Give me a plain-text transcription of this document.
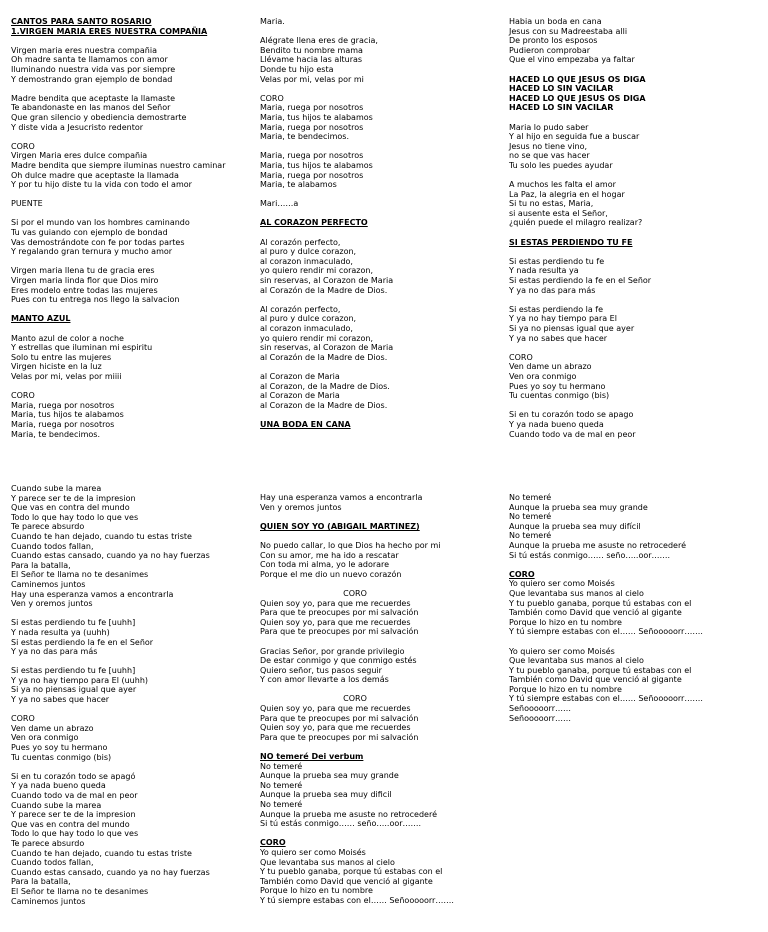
CANTOS PARA SANTO ROSARIO
1.VIRGEN MARIA ERES NUESTRA COMPAÑIA
Virgen maria eres nuestra compañia
Oh madre santa te llamamos con amor
Iluminando nuestra vida vas por siempre
Y demostrando gran ejemplo de bondad
Madre bendita que aceptaste la llamaste
Te abandonaste en las manos del Señor
Que gran silencio y obediencia demostrarte
Y diste vida a Jesucristo redentor
CORO
Virgen Maria eres dulce compañia
Madre bendita que siempre iluminas nuestro caminar
Oh dulce madre que aceptaste la llamada
Y por tu hijo diste tu la vida con todo el amor
PUENTE
Si por el mundo van los hombres caminando
Tu vas guiando con ejemplo de bondad
Vas demostrándote con fe por todas partes
Y regalando gran ternura y mucho amor
Virgen maria llena tu de gracia eres
Virgen maria linda flor que Dios miro
Eres modelo entre todas las mujeres
Pues con tu entrega nos llego la salvacion
MANTO AZUL
Manto azul de color a noche
Y estrellas que iluminan mi espiritu
Solo tu entre las mujeres
Virgen hiciste en la luz
Velas por mi, velas por miiii
CORO
Maria, ruega por nosotros
Maria, tus hijos te alabamos
Maria, ruega por nosotros
Maria, te bendecimos.
Maria.
Alégrate llena eres de gracia,
Bendito tu nombre mama
Llévame hacia las alturas
Donde tu hijo esta
Velas por mi, velas por mi
CORO
Maria, ruega por nosotros
Maria, tus hijos te alabamos
Maria, ruega por nosotros
Maria, te bendecimos.
Maria, ruega por nosotros
Maria, tus hijos te alabamos
Maria, ruega por nosotros
Maria, te alabamos
Mari……a
AL CORAZON PERFECTO
Al corazón perfecto,
al puro y dulce corazon,
al corazon inmaculado,
yo quiero rendir mi corazon,
sin reservas, al Corazon de Maria
al Corazón de la Madre de Dios.
Al corazón perfecto,
al puro y dulce corazon,
al corazon inmaculado,
yo quiero rendir mi corazon,
sin reservas, al Corazon de Maria
al Corazón de la Madre de Dios.
al Corazon de Maria
al Corazon, de la Madre de Dios.
al Corazon de Maria
al Corazon de la Madre de Dios.
UNA BODA EN CANA
Habia un boda en cana
Jesus con su Madreestaba alli
De pronto los esposos
Pudieron comprobar
Que el vino empezaba ya faltar
HACED LO QUE JESUS OS DIGA
HACED LO SIN VACILAR
HACED LO QUE JESUS OS DIGA
HACED LO SIN VACILAR
Maria lo pudo saber
Y al hijo en seguida fue a buscar
Jesus no tiene vino,
no se que vas hacer
Tu solo les puedes ayudar
A muchos les falta el amor
La Paz, la alegria en el hogar
Si tu no estas, Maria,
si ausente esta el Señor,
¿quién puede el milagro realizar?
SI ESTAS PERDIENDO TU FE
Si estas perdiendo tu fe
Y nada resulta ya
Si estas perdiendo la fe en el Señor
Y ya no das para más
Si estas perdiendo la fe
Y ya no hay tiempo para El
Si ya no piensas igual que ayer
Y ya no sabes que hacer
CORO
Ven dame un abrazo
Ven ora conmigo
Pues yo soy tu hermano
Tu cuentas conmigo (bis)
Si en tu corazón todo se apago
Y ya nada bueno queda
Cuando todo va de mal en peor
Cuando sube la marea
Y parece ser te de la impresion
Que vas en contra del mundo
Todo lo que hay todo lo que ves
Te parece absurdo
Cuando te han dejado, cuando tu estas triste
Cuando todos fallan,
Cuando estas cansado, cuando ya no hay fuerzas
Para la batalla,
El Señor te llama no te desanimes
Caminemos juntos
Hay una esperanza vamos a encontrarla
Ven y oremos juntos
Si estas perdiendo tu fe [uuhh]
Y nada resulta ya (uuhh)
Si estas perdiendo la fe en el Señor
Y ya no das para más
Si estas perdiendo tu fe [uuhh]
Y ya no hay tiempo para El (uuhh)
Si ya no piensas igual que ayer
Y ya no sabes que hacer
CORO
Ven dame un abrazo
Ven ora conmigo
Pues yo soy tu hermano
Tu cuentas conmigo (bis)
Si en tu corazón todo se apagó
Y ya nada bueno queda
Cuando todo va de mal en peor
Cuando sube la marea
Y parece ser te de la impresion
Que vas en contra del mundo
Todo lo que hay todo lo que ves
Te parece absurdo
Cuando te han dejado, cuando tu estas triste
Cuando todos fallan,
Cuando estas cansado, cuando ya no hay fuerzas
Para la batalla,
El Señor te llama no te desanimes
Caminemos juntos
Hay una esperanza vamos a encontrarla
Ven y oremos juntos
QUIEN SOY YO (ABIGAIL MARTINEZ)
No puedo callar, lo que Dios ha hecho por mi
Con su amor, me ha ido a rescatar
Con toda mi alma, yo le adorare
Porque el me dio un nuevo corazón
CORO
Quien soy yo, para que me recuerdes
Para que te preocupes por mi salvación
Quien soy yo, para que me recuerdes
Para que te preocupes por mi salvación
Gracias Señor, por grande privilegio
De estar conmigo y que conmigo estés
Quiero señor, tus pasos seguir
Y con amor llevarte a los demás
CORO
Quien soy yo, para que me recuerdes
Para que te preocupes por mi salvación
Quien soy yo, para que me recuerdes
Para que te preocupes por mi salvación
NO temeré Dei verbum
No temeré
Aunque la prueba sea muy grande
No temeré
Aunque la prueba sea muy dificil
No temeré
Aunque la prueba me asuste no retrocederé
Si tú estás conmigo…… seño…..oor…….
CORO
Yo quiero ser como Moisés
Que levantaba sus manos al cielo
Y tu pueblo ganaba, porque tú estabas con el
También como David que venció al gigante
Porque lo hizo en tu nombre
Y tú siempre estabas con el…… Señooooorr…….
No temeré
Aunque la prueba sea muy grande
No temeré
Aunque la prueba sea muy difícil
No temeré
Aunque la prueba me asuste no retrocederé
Si tú estás conmigo…… seño…..oor…….
CORO
Yo quiero ser como Moisés
Que levantaba sus manos al cielo
Y tu pueblo ganaba, porque tú estabas con el
También como David que venció al gigante
Porque lo hizo en tu nombre
Y tú siempre estabas con el…… Señooooorr…….
Yo quiero ser como Moisés
Que levantaba sus manos al cielo
Y tu pueblo ganaba, porque tú estabas con el
También como David que venció al gigante
Porque lo hizo en tu nombre
Y tú siempre estabas con el…… Señooooorr…….
Señooooorr……
Señooooorr……
